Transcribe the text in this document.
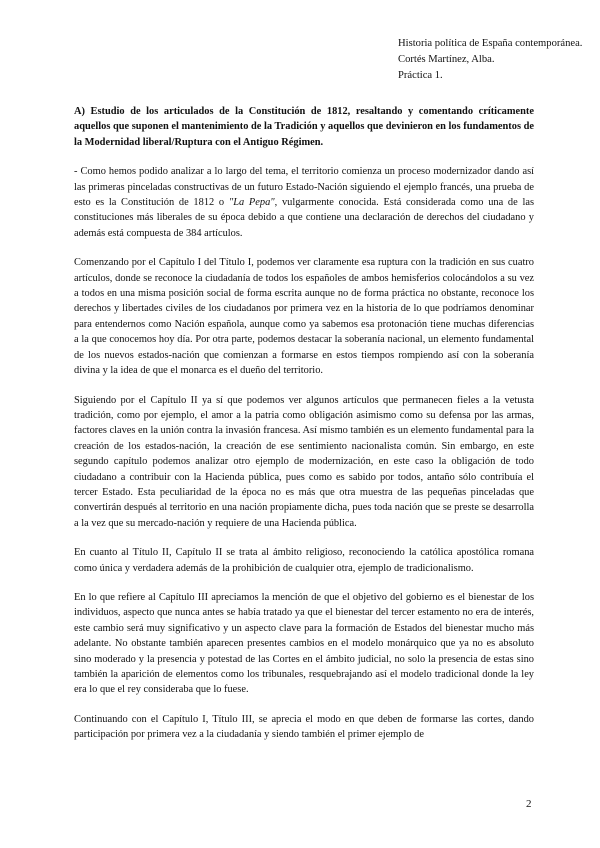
Historia política de España contemporánea.
Cortés Martínez, Alba.
Práctica 1.

A) Estudio de los articulados de la Constitución de 1812, resaltando y comentando críticamente aquellos que suponen el mantenimiento de la Tradición y aquellos que devinieron en los fundamentos de la Modernidad liberal/Ruptura con el Antiguo Régimen.

- Como hemos podido analizar a lo largo del tema, el territorio comienza un proceso modernizador dando así las primeras pinceladas constructivas de un futuro Estado-Nación siguiendo el ejemplo francés, una prueba de esto es la Constitución de 1812 o "La Pepa", vulgarmente conocida. Está considerada como una de las constituciones más liberales de su época debido a que contiene una declaración de derechos del ciudadano y además está compuesta de 384 artículos.

Comenzando por el Capítulo I del Título I, podemos ver claramente esa ruptura con la tradición en sus cuatro artículos, donde se reconoce la ciudadanía de todos los españoles de ambos hemisferios colocándolos a su vez a todos en una misma posición social de forma escrita aunque no de forma práctica no obstante, reconoce los derechos y libertades civiles de los ciudadanos por primera vez en la historia de lo que podríamos denominar para entendernos como Nación española, aunque como ya sabemos esa protonación tiene muchas diferencias a la que conocemos hoy día. Por otra parte, podemos destacar la soberanía nacional, un elemento fundamental de los nuevos estados-nación que comienzan a formarse en estos tiempos rompiendo así con la soberanía divina y la idea de que el monarca es el dueño del territorio.

Siguiendo por el Capítulo II ya sí que podemos ver algunos artículos que permanecen fieles a la vetusta tradición, como por ejemplo, el amor a la patria como obligación asimismo como su defensa por las armas, factores claves en la unión contra la invasión francesa. Así mismo también es un elemento fundamental para la creación de los estados-nación, la creación de ese sentimiento nacionalista común. Sin embargo, en este segundo capítulo podemos analizar otro ejemplo de modernización, en este caso la obligación de todo ciudadano a contribuir con la Hacienda pública, pues como es sabido por todos, antaño sólo contribuía el tercer Estado. Esta peculiaridad de la época no es más que otra muestra de las pequeñas pinceladas que convertirán después al territorio en una nación propiamente dicha, pues toda nación que se preste se desarrolla a la vez que su mercado-nación y requiere de una Hacienda pública.

En cuanto al Título II, Capítulo II se trata al ámbito religioso, reconociendo la católica apostólica romana como única y verdadera además de la prohibición de cualquier otra, ejemplo de tradicionalismo.

En lo que refiere al Capítulo III apreciamos la mención de que el objetivo del gobierno es el bienestar de los individuos, aspecto que nunca antes se había tratado ya que el bienestar del tercer estamento no era de interés, este cambio será muy significativo y un aspecto clave para la formación de Estados del bienestar mucho más adelante. No obstante también aparecen presentes cambios en el modelo monárquico que ya no es absoluto sino moderado y la presencia y potestad de las Cortes en el ámbito judicial, no solo la presencia de estas sino también la aparición de elementos como los tribunales, resquebrajando así el modelo tradicional donde la ley era lo que el rey consideraba que lo fuese.

Continuando con el Capítulo I, Título III, se aprecia el modo en que deben de formarse las cortes, dando participación por primera vez a la ciudadanía y siendo también el primer ejemplo de

2
